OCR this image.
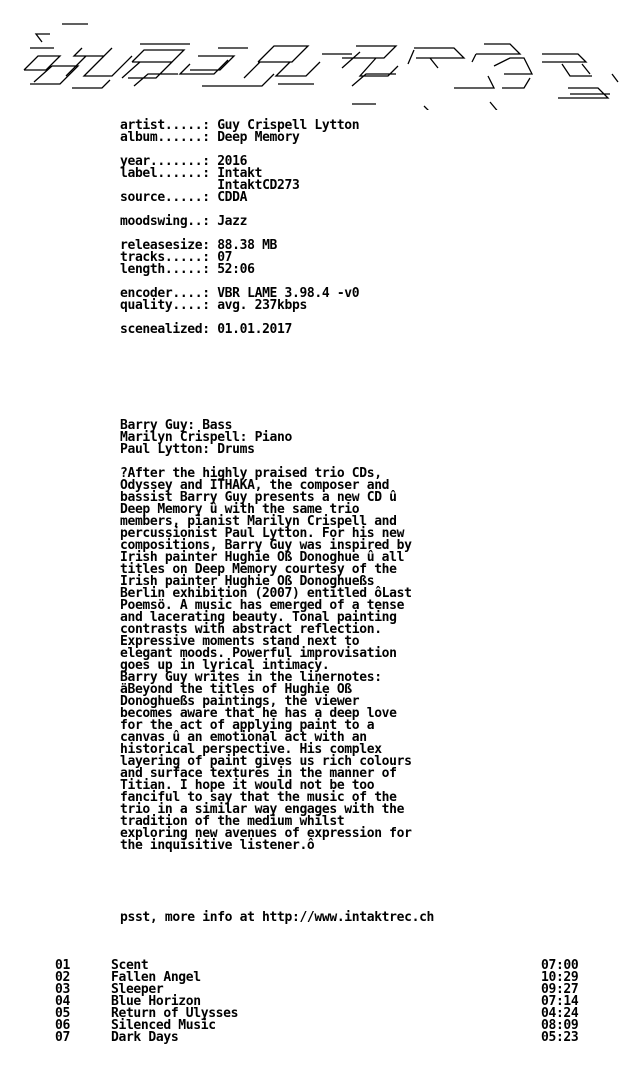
artist.....: Guy Crispell Lytton
album......: Deep Memory

year.......: 2016
label......: Intakt
IntaktCD273
source.....: CDDA

moodswing..: Jazz

releasesize: 88.38 MB
tracks.....: 07
length.....: 52:06

encoder....: VBR LAME 3.98.4 -v0
quality....: avg. 237kbps

scenealized: 01.01.2017
Barry Guy: Bass
Marilyn Crispell: Piano
Paul Lytton: Drums
?After the highly praised trio CDs,
Odyssey and ITHAKA, the composer and
bassist Barry Guy presents a new CD û
Deep Memory û with the same trio
members, pianist Marilyn Crispell and
percussionist Paul Lytton. For his new
compositions, Barry Guy was inspired by
Irish painter Hughie Oß Donoghue û all
titles on Deep Memory courtesy of the
Irish painter Hughie Oß Donoghueßs
Berlin exhibition (2007) entitled ôLast
Poemsö. A music has emerged of a tense
and lacerating beauty. Tonal painting
contrasts with abstract reflection.
Expressive moments stand next to
elegant moods. Powerful improvisation
goes up in lyrical intimacy.
Barry Guy writes in the linernotes:
äBeyond the titles of Hughie Oß
Donoghueßs paintings, the viewer
becomes aware that he has a deep love
for the act of applying paint to a
canvas û an emotional act with an
historical perspective. His complex
layering of paint gives us rich colours
and surface textures in the manner of
Titian. I hope it would not be too
fanciful to say that the music of the
trio in a similar way engages with the
tradition of the medium whilst
exploring new avenues of expression for
the inquisitive listener.ô
psst, more info at http://www.intaktrec.ch
01	Scent	07:00
02	Fallen Angel	10:29
03	Sleeper	09:27
04	Blue Horizon	07:14
05	Return of Ulysses	04:24
06	Silenced Music	08:09
07	Dark Days	05:23
